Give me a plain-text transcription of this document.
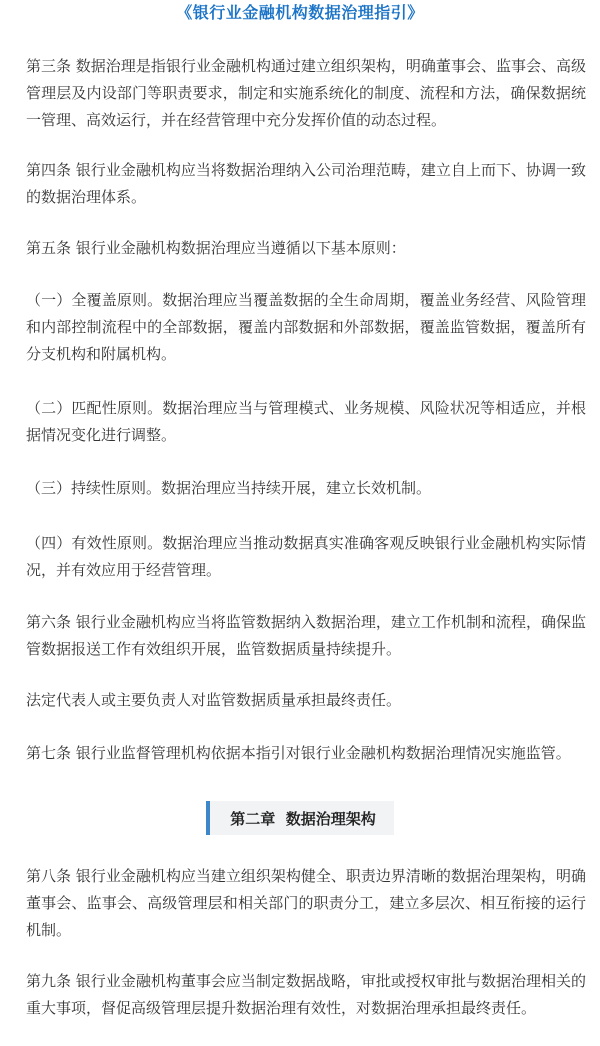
《银行业金融机构数据治理指引》

第三条 数据治理是指银行业金融机构通过建立组织架构，明确董事会、监事会、高级管理层及内设部门等职责要求，制定和实施系统化的制度、流程和方法，确保数据统一管理、高效运行，并在经营管理中充分发挥价值的动态过程。

第四条 银行业金融机构应当将数据治理纳入公司治理范畴，建立自上而下、协调一致的数据治理体系。

第五条 银行业金融机构数据治理应当遵循以下基本原则：

（一）全覆盖原则。数据治理应当覆盖数据的全生命周期，覆盖业务经营、风险管理和内部控制流程中的全部数据，覆盖内部数据和外部数据，覆盖监管数据，覆盖所有分支机构和附属机构。

（二）匹配性原则。数据治理应当与管理模式、业务规模、风险状况等相适应，并根据情况变化进行调整。

（三）持续性原则。数据治理应当持续开展，建立长效机制。

（四）有效性原则。数据治理应当推动数据真实准确客观反映银行业金融机构实际情况，并有效应用于经营管理。

第六条 银行业金融机构应当将监管数据纳入数据治理，建立工作机制和流程，确保监管数据报送工作有效组织开展，监管数据质量持续提升。

法定代表人或主要负责人对监管数据质量承担最终责任。

第七条 银行业监督管理机构依据本指引对银行业金融机构数据治理情况实施监管。

第二章
数据治理架构

第八条 银行业金融机构应当建立组织架构健全、职责边界清晰的数据治理架构，明确董事会、监事会、高级管理层和相关部门的职责分工，建立多层次、相互衔接的运行机制。

第九条 银行业金融机构董事会应当制定数据战略，审批或授权审批与数据治理相关的重大事项，督促高级管理层提升数据治理有效性，对数据治理承担最终责任。
